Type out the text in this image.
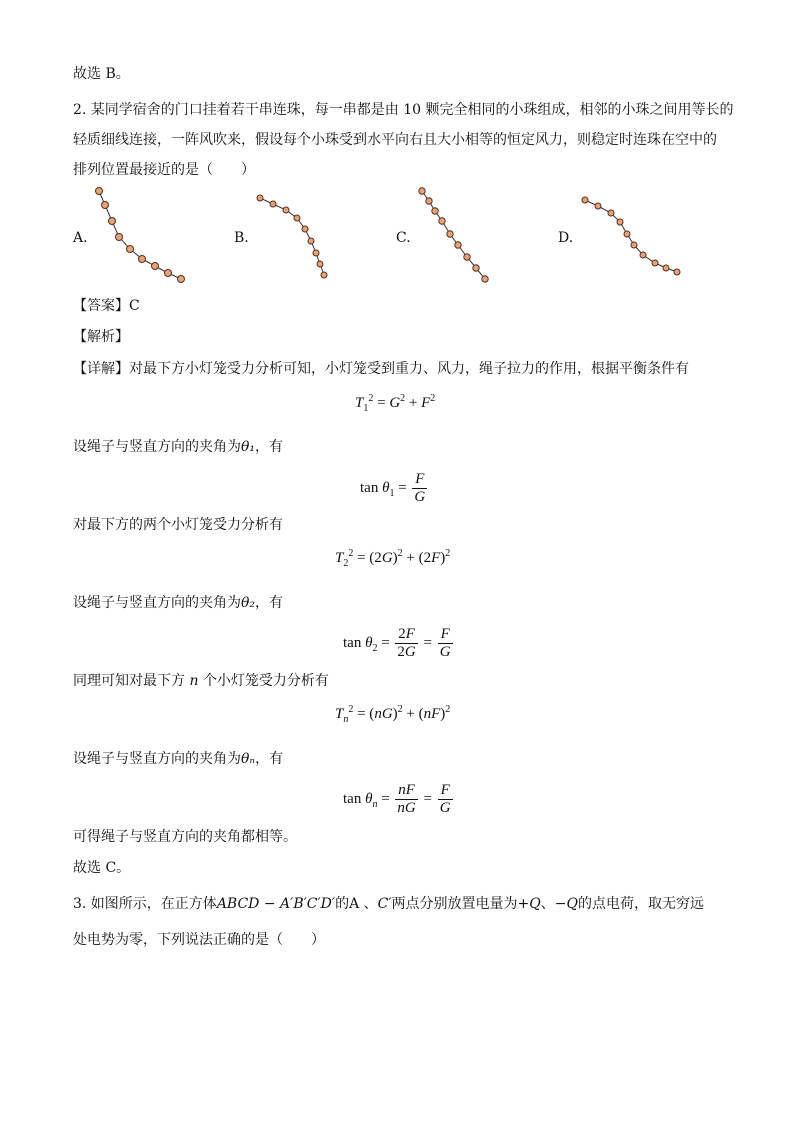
故选 B。
2. 某同学宿舍的门口挂着若干串连珠，每一串都是由 10 颗完全相同的小珠组成，相邻的小珠之间用等长的
轻质细线连接，一阵风吹来，假设每个小珠受到水平向右且大小相等的恒定风力，则稳定时连珠在空中的
排列位置最接近的是（　　）
A.	B.	C.	D.
【答案】C
【解析】
【详解】对最下方小灯笼受力分析可知，小灯笼受到重力、风力，绳子拉力的作用，根据平衡条件有
$T_1^2 = G^2 + F^2$
设绳子与竖直方向的夹角为θ₁，有
$\tan \theta_1 = \frac{F}{G}$
对最下方的两个小灯笼受力分析有
$T_2^2 = (2G)^2 + (2F)^2$
设绳子与竖直方向的夹角为θ₂，有
$\tan \theta_2 = \frac{2F}{2G} = \frac{F}{G}$
同理可知对最下方 n 个小灯笼受力分析有
$T_n^2 = (nG)^2 + (nF)^2$
设绳子与竖直方向的夹角为θₙ，有
$\tan \theta_n = \frac{nF}{nG} = \frac{F}{G}$
可得绳子与竖直方向的夹角都相等。
故选 C。
3. 如图所示，在正方体ABCD − A′B′C′D′的A 、C′两点分别放置电量为+Q、−Q的点电荷，取无穷远
处电势为零，下列说法正确的是（　　）
